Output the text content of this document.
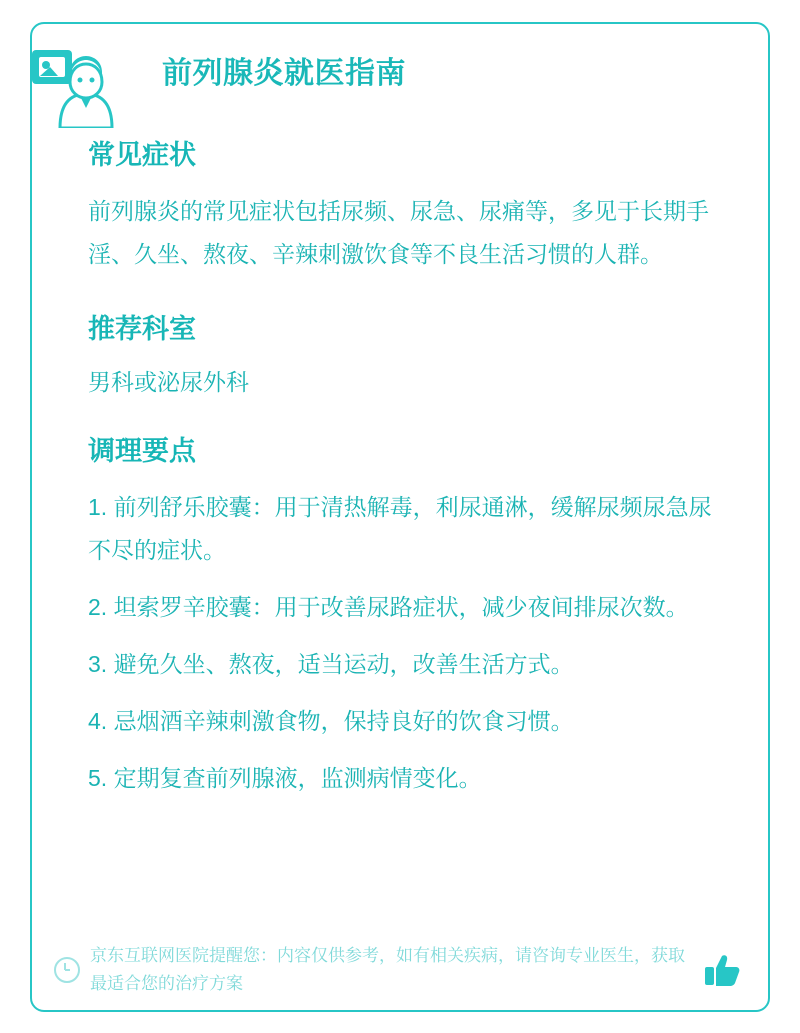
前列腺炎就医指南
常见症状

前列腺炎的常见症状包括尿频、尿急、尿痛等，多见于长期手淫、久坐、熬夜、辛辣刺激饮食等不良生活习惯的人群。

推荐科室

男科或泌尿外科

调理要点
1. 前列舒乐胶囊：用于清热解毒，利尿通淋，缓解尿频尿急尿不尽的症状。
2. 坦索罗辛胶囊：用于改善尿路症状，减少夜间排尿次数。
3. 避免久坐、熬夜，适当运动，改善生活方式。
4. 忌烟酒辛辣刺激食物，保持良好的饮食习惯。
5. 定期复查前列腺液，监测病情变化。
京东互联网医院提醒您：内容仅供参考，如有相关疾病，请咨询专业医生，获取最适合您的治疗方案
